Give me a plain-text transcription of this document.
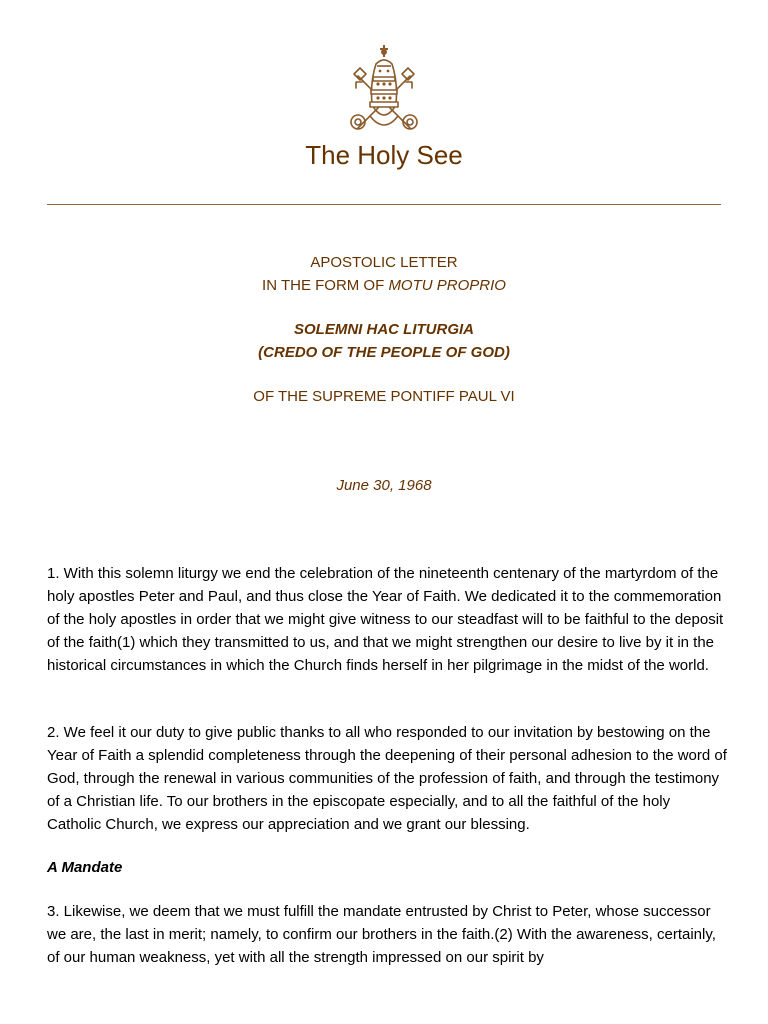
The Holy See
APOSTOLIC LETTER
IN THE FORM OF MOTU PROPRIO
SOLEMNI HAC LITURGIA
(CREDO OF THE PEOPLE OF GOD)
OF THE SUPREME PONTIFF PAUL VI
June 30, 1968

1. With this solemn liturgy we end the celebration of the nineteenth centenary of the martyrdom of the holy apostles Peter and Paul, and thus close the Year of Faith. We dedicated it to the commemoration of the holy apostles in order that we might give witness to our steadfast will to be faithful to the deposit of the faith(1) which they transmitted to us, and that we might strengthen our desire to live by it in the historical circumstances in which the Church finds herself in her pilgrimage in the midst of the world.

2. We feel it our duty to give public thanks to all who responded to our invitation by bestowing on the Year of Faith a splendid completeness through the deepening of their personal adhesion to the word of God, through the renewal in various communities of the profession of faith, and through the testimony of a Christian life. To our brothers in the episcopate especially, and to all the faithful of the holy Catholic Church, we express our appreciation and we grant our blessing.

A Mandate

3. Likewise, we deem that we must fulfill the mandate entrusted by Christ to Peter, whose successor we are, the last in merit; namely, to confirm our brothers in the faith.(2) With the awareness, certainly, of our human weakness, yet with all the strength impressed on our spirit by
